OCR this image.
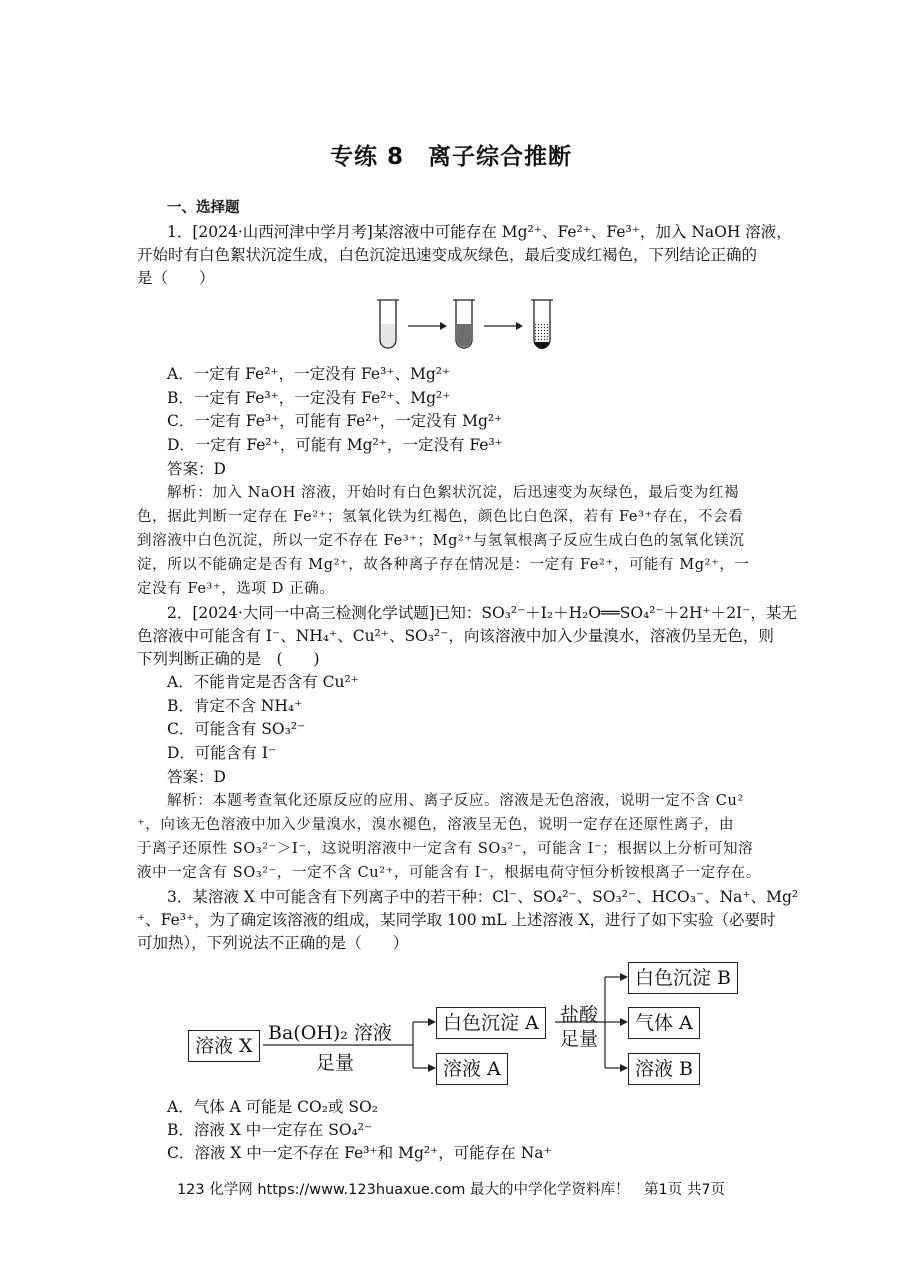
专练 8　离子综合推断
一、选择题
1．[2024·山西河津中学月考]某溶液中可能存在 Mg²⁺、Fe²⁺、Fe³⁺，加入 NaOH 溶液，
开始时有白色絮状沉淀生成，白色沉淀迅速变成灰绿色，最后变成红褐色，下列结论正确的
是（　　）
A．一定有 Fe²⁺，一定没有 Fe³⁺、Mg²⁺
B．一定有 Fe³⁺，一定没有 Fe²⁺、Mg²⁺
C．一定有 Fe³⁺，可能有 Fe²⁺，一定没有 Mg²⁺
D．一定有 Fe²⁺，可能有 Mg²⁺，一定没有 Fe³⁺
答案：D
解析：加入 NaOH 溶液，开始时有白色絮状沉淀，后迅速变为灰绿色，最后变为红褐
色，据此判断一定存在 Fe²⁺；氢氧化铁为红褐色，颜色比白色深，若有 Fe³⁺存在，不会看
到溶液中白色沉淀，所以一定不存在 Fe³⁺；Mg²⁺与氢氧根离子反应生成白色的氢氧化镁沉
淀，所以不能确定是否有 Mg²⁺，故各种离子存在情况是：一定有 Fe²⁺，可能有 Mg²⁺，一
定没有 Fe³⁺，选项 D 正确。
2．[2024·大同一中高三检测化学试题]已知：SO₃²⁻＋I₂＋H₂O══SO₄²⁻＋2H⁺＋2I⁻，某无
色溶液中可能含有 I⁻、NH₄⁺、Cu²⁺、SO₃²⁻，向该溶液中加入少量溴水，溶液仍呈无色，则
下列判断正确的是　(　　)
A．不能肯定是否含有 Cu²⁺
B．肯定不含 NH₄⁺
C．可能含有 SO₃²⁻
D．可能含有 I⁻
答案：D
解析：本题考查氧化还原反应的应用、离子反应。溶液是无色溶液，说明一定不含 Cu²
⁺，向该无色溶液中加入少量溴水，溴水褪色，溶液呈无色，说明一定存在还原性离子，由
于离子还原性 SO₃²⁻＞I⁻，这说明溶液中一定含有 SO₃²⁻，可能含 I⁻；根据以上分析可知溶
液中一定含有 SO₃²⁻，一定不含 Cu²⁺，可能含有 I⁻，根据电荷守恒分析铵根离子一定存在。
3．某溶液 X 中可能含有下列离子中的若干种：Cl⁻、SO₄²⁻、SO₃²⁻、HCO₃⁻、Na⁺、Mg²
⁺、Fe³⁺，为了确定该溶液的组成，某同学取 100 mL 上述溶液 X，进行了如下实验（必要时
可加热），下列说法不正确的是（　　）
溶液 X
Ba(OH)₂ 溶液
足量
白色沉淀 A
溶液 A
盐酸
足量
白色沉淀 B
气体 A
溶液 B
A．气体 A 可能是 CO₂或 SO₂
B．溶液 X 中一定存在 SO₄²⁻
C．溶液 X 中一定不存在 Fe³⁺和 Mg²⁺，可能存在 Na⁺
123 化学网 https://www.123huaxue.com 最大的中学化学资料库！　第1页 共7页
